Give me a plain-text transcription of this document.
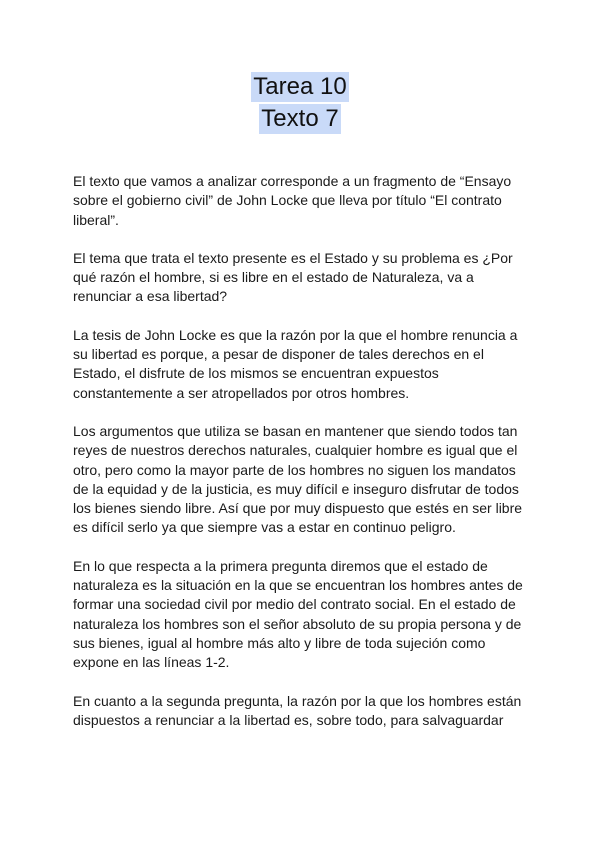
Tarea 10
Texto 7

El texto que vamos a analizar corresponde a un fragmento de “Ensayo sobre el gobierno civil” de John Locke que lleva por título “El contrato liberal”.

El tema que trata el texto presente es el Estado y su problema es ¿Por qué razón el hombre, si es libre en el estado de Naturaleza, va a renunciar a esa libertad?

La tesis de John Locke es que la razón por la que el hombre renuncia a su libertad es porque, a pesar de disponer de tales derechos en el Estado, el disfrute de los mismos se encuentran expuestos constantemente a ser atropellados por otros hombres.

Los argumentos que utiliza se basan en mantener que siendo todos tan reyes de nuestros derechos naturales, cualquier hombre es igual que el otro, pero como la mayor parte de los hombres no siguen los mandatos de la equidad y de la justicia, es muy difícil e inseguro disfrutar de todos los bienes siendo libre. Así que por muy dispuesto que estés en ser libre es difícil serlo ya que siempre vas a estar en continuo peligro.

En lo que respecta a la primera pregunta diremos que el estado de naturaleza es la situación en la que se encuentran los hombres antes de formar una sociedad civil por medio del contrato social. En el estado de naturaleza los hombres son el señor absoluto de su propia persona y de sus bienes, igual al hombre más alto y libre de toda sujeción como expone en las líneas 1-2.

En cuanto a la segunda pregunta, la razón por la que los hombres están dispuestos a renunciar a la libertad es, sobre todo, para salvaguardar
